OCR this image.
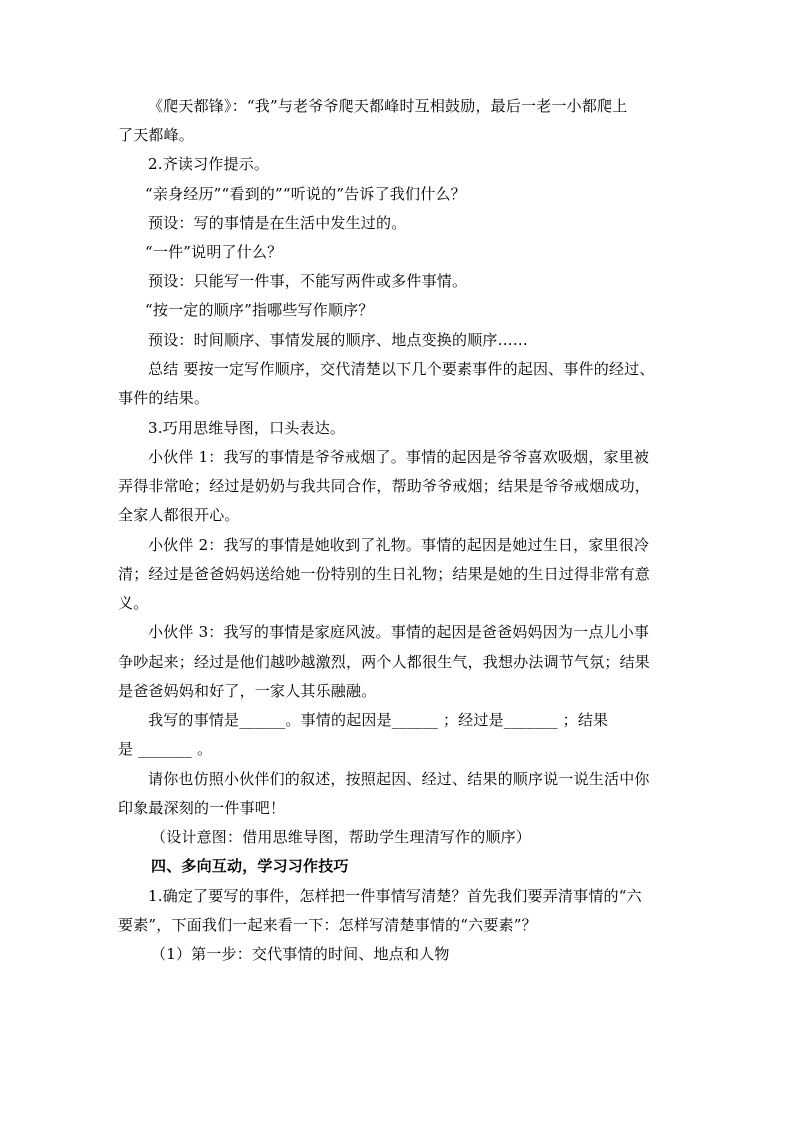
《爬天都锋》：“我”与老爷爷爬天都峰时互相鼓励，最后一老一小都爬上
了天都峰。
2.齐读习作提示。
“亲身经历”“看到的”“听说的”告诉了我们什么？
预设：写的事情是在生活中发生过的。
“一件”说明了什么？
预设：只能写一件事，不能写两件或多件事情。
“按一定的顺序”指哪些写作顺序？
预设：时间顺序、事情发展的顺序、地点变换的顺序……
总结 要按一定写作顺序，交代清楚以下几个要素事件的起因、事件的经过、
事件的结果。
3.巧用思维导图，口头表达。
小伙伴 1：我写的事情是爷爷戒烟了。事情的起因是爷爷喜欢吸烟，家里被
弄得非常呛；经过是奶奶与我共同合作，帮助爷爷戒烟；结果是爷爷戒烟成功，
全家人都很开心。
小伙伴 2：我写的事情是她收到了礼物。事情的起因是她过生日，家里很冷
清；经过是爸爸妈妈送给她一份特别的生日礼物；结果是她的生日过得非常有意
义。
小伙伴 3：我写的事情是家庭风波。事情的起因是爸爸妈妈因为一点儿小事
争吵起来；经过是他们越吵越激烈，两个人都很生气，我想办法调节气氛；结果
是爸爸妈妈和好了，一家人其乐融融。
我写的事情是______。事情的起因是______ ；经过是_______ ；结果
是 _______ 。
请你也仿照小伙伴们的叙述，按照起因、经过、结果的顺序说一说生活中你
印象最深刻的一件事吧！
（设计意图：借用思维导图，帮助学生理清写作的顺序）
四、多向互动，学习习作技巧
1.确定了要写的事件，怎样把一件事情写清楚？首先我们要弄清事情的“六
要素”，下面我们一起来看一下：怎样写清楚事情的“六要素”？
（1）第一步：交代事情的时间、地点和人物
